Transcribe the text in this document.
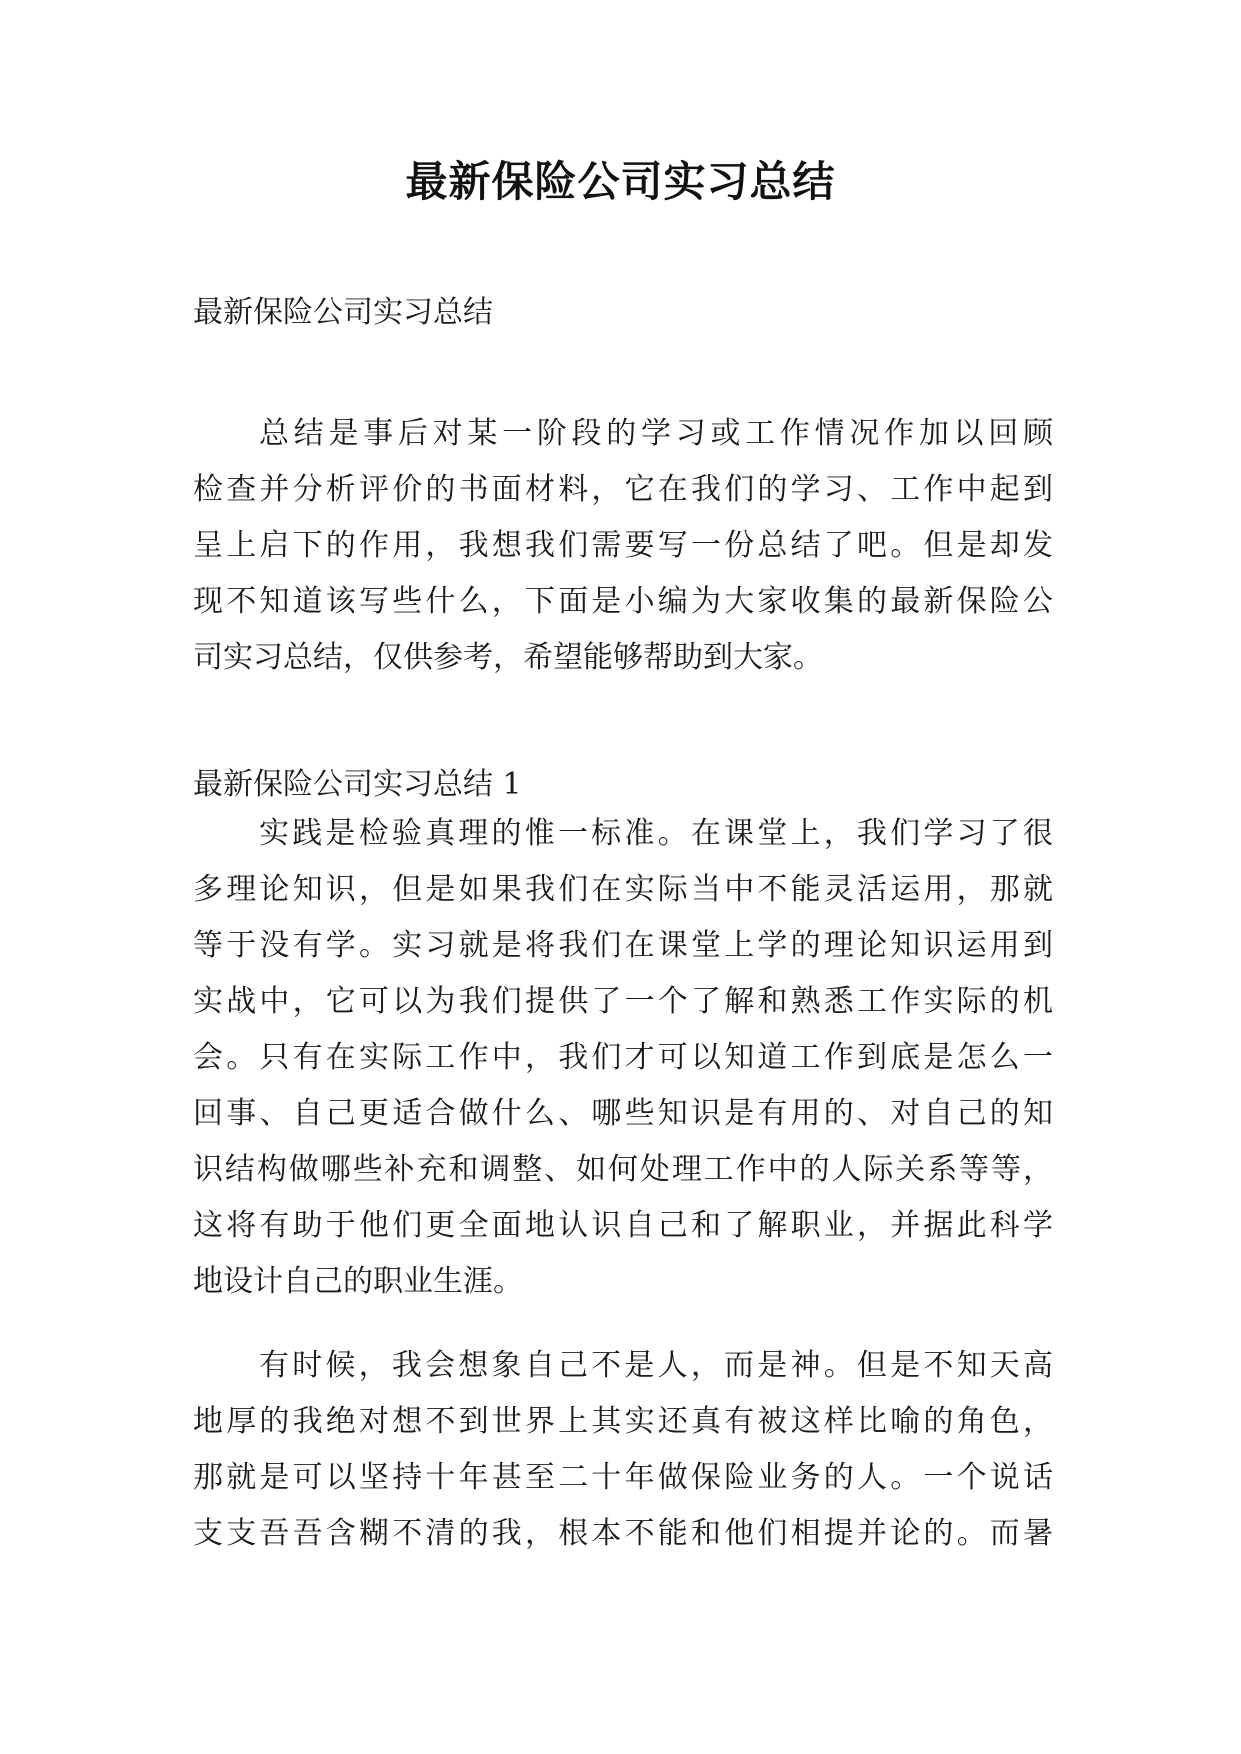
最新保险公司实习总结
最新保险公司实习总结
总结是事后对某一阶段的学习或工作情况作加以回顾
检查并分析评价的书面材料，它在我们的学习、工作中起到
呈上启下的作用，我想我们需要写一份总结了吧。但是却发
现不知道该写些什么，下面是小编为大家收集的最新保险公
司实习总结，仅供参考，希望能够帮助到大家。
最新保险公司实习总结 1
实践是检验真理的惟一标准。在课堂上，我们学习了很
多理论知识，但是如果我们在实际当中不能灵活运用，那就
等于没有学。实习就是将我们在课堂上学的理论知识运用到
实战中，它可以为我们提供了一个了解和熟悉工作实际的机
会。只有在实际工作中，我们才可以知道工作到底是怎么一
回事、自己更适合做什么、哪些知识是有用的、对自己的知
识结构做哪些补充和调整、如何处理工作中的人际关系等等，
这将有助于他们更全面地认识自己和了解职业，并据此科学
地设计自己的职业生涯。
有时候，我会想象自己不是人，而是神。但是不知天高
地厚的我绝对想不到世界上其实还真有被这样比喻的角色，
那就是可以坚持十年甚至二十年做保险业务的人。一个说话
支支吾吾含糊不清的我，根本不能和他们相提并论的。而暑
